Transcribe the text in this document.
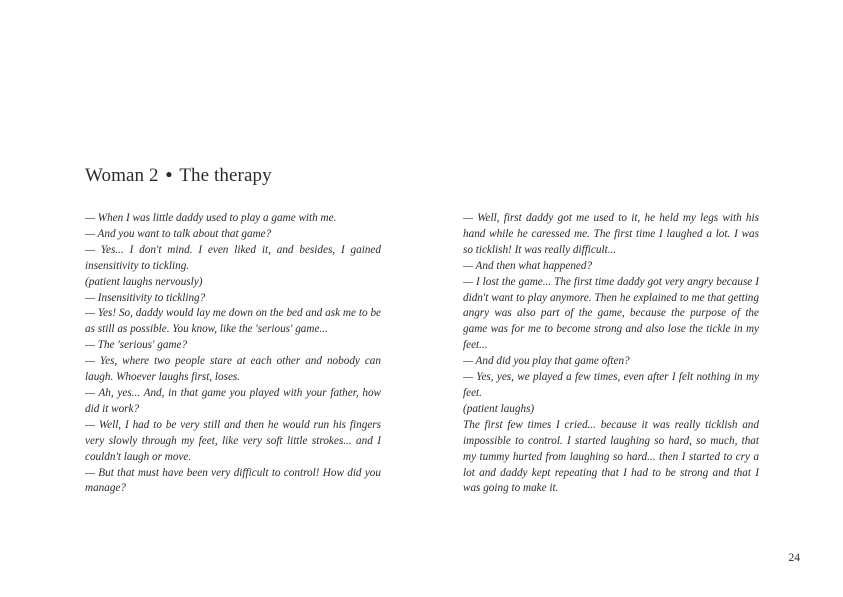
Woman 2 • The therapy

— When I was little daddy used to play a game with me.

— And you want to talk about that game?

— Yes... I don't mind. I even liked it, and besides, I gained insensitivity to tickling.

(patient laughs nervously)

— Insensitivity to tickling?

— Yes! So, daddy would lay me down on the bed and ask me to be as still as possible. You know, like the 'serious' game...

— The 'serious' game?

— Yes, where two people stare at each other and nobody can laugh. Whoever laughs first, loses.

— Ah, yes... And, in that game you played with your father, how did it work?

— Well, I had to be very still and then he would run his fingers very slowly through my feet, like very soft little strokes... and I couldn't laugh or move.

— But that must have been very difficult to control! How did you manage?

— Well, first daddy got me used to it, he held my legs with his hand while he caressed me. The first time I laughed a lot. I was so ticklish! It was really difficult...

— And then what happened?

— I lost the game... The first time daddy got very angry because I didn't want to play anymore. Then he explained to me that getting angry was also part of the game, because the purpose of the game was for me to become strong and also lose the tickle in my feet...

— And did you play that game often?

— Yes, yes, we played a few times, even after I felt nothing in my feet.

(patient laughs)

The first few times I cried... because it was really ticklish and impossible to control. I started laughing so hard, so much, that my tummy hurted from laughing so hard... then I started to cry a lot and daddy kept repeating that I had to be strong and that I was going to make it.

24
